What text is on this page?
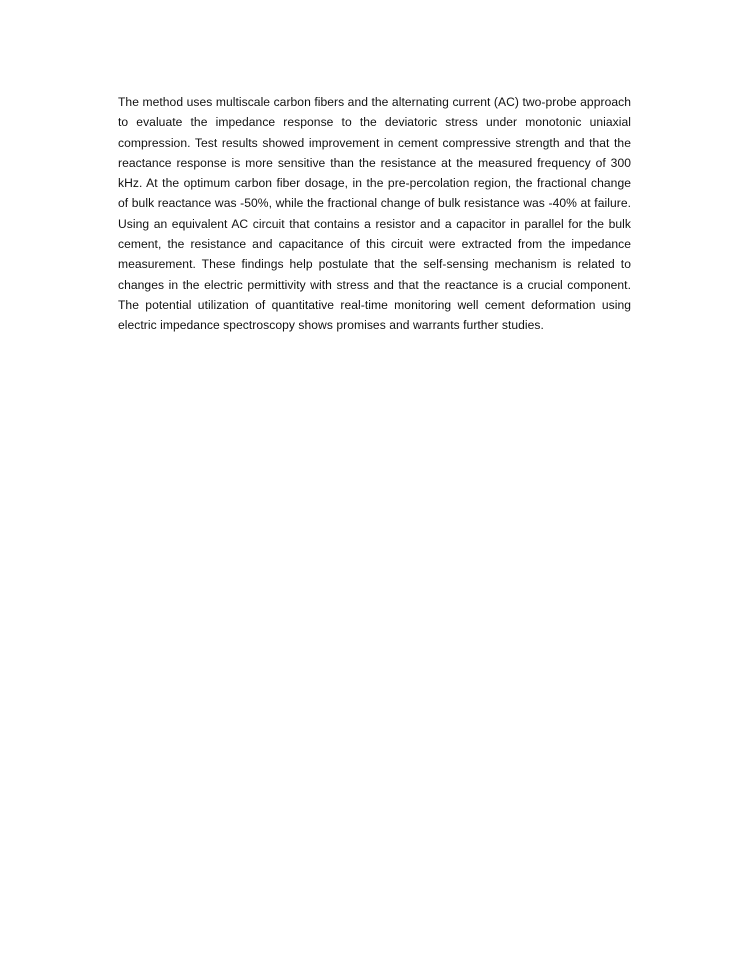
The method uses multiscale carbon fibers and the alternating current (AC) two-probe approach to evaluate the impedance response to the deviatoric stress under monotonic uniaxial compression. Test results showed improvement in cement compressive strength and that the reactance response is more sensitive than the resistance at the measured frequency of 300 kHz. At the optimum carbon fiber dosage, in the pre-percolation region, the fractional change of bulk reactance was -50%, while the fractional change of bulk resistance was -40% at failure. Using an equivalent AC circuit that contains a resistor and a capacitor in parallel for the bulk cement, the resistance and capacitance of this circuit were extracted from the impedance measurement. These findings help postulate that the self-sensing mechanism is related to changes in the electric permittivity with stress and that the reactance is a crucial component. The potential utilization of quantitative real-time monitoring well cement deformation using electric impedance spectroscopy shows promises and warrants further studies.
